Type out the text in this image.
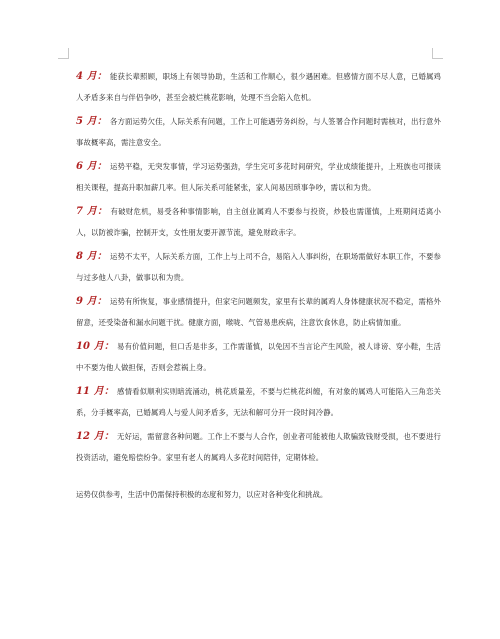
4 月： 能获长辈照顾，职场上有领导协助，生活和工作顺心，很少遇困难。但感情方面不尽人意，已婚属鸡人矛盾多来自与伴侣争吵，甚至会被烂桃花影响，处理不当会陷入危机。

5 月： 各方面运势欠佳，人际关系有问题，工作上可能遇劳务纠纷，与人签署合作问题时需核对，出行意外事故概率高，需注意安全。

6 月： 运势平稳，无突发事情，学习运势强劲，学生完可多花时间研究，学业成绩能提升，上班族也可报读相关课程，提高升职加薪几率。但人际关系可能紧张，家人间易因琐事争吵，需以和为贵。

7 月： 有破财危机，易受各种事情影响，自主创业属鸡人不要参与投资，炒股也需谨慎，上班期间适离小人，以防被诈骗，控制开支，女性朋友要开源节流，避免财政赤字。

8 月： 运势不太平，人际关系方面，工作上与上司不合，易陷入人事纠纷，在职场需做好本职工作，不要参与过多他人八卦，做事以和为贵。

9 月： 运势有所恢复，事业感情提升，但家宅问题频发，家里有长辈的属鸡人身体健康状况不稳定，需格外留意，还受染备和漏水问题干扰。健康方面，喉咙、气管易患疾病，注意饮食休息，防止病情加重。

10 月： 易有价值问题，但口舌是非多，工作需谨慎，以免因不当言论产生风险，被人诽谤、穿小鞋，生活中不要为他人做担保，否则会惹祸上身。

11 月： 感情看似顺利实则暗流涌动，桃花质量差，不要与烂桃花纠缠，有对象的属鸡人可能陷入三角恋关系，分手概率高，已婚属鸡人与爱人间矛盾多，无法和解可分开一段时间冷静。

12 月： 无好运，需留意各种问题。工作上不要与人合作，创业者可能被他人欺骗致钱财受损，也不要进行投资活动，避免赔偿纷争。家里有老人的属鸡人多花时间陪伴，定期体检。

运势仅供参考，生活中仍需保持积极的态度和努力，以应对各种变化和挑战。
